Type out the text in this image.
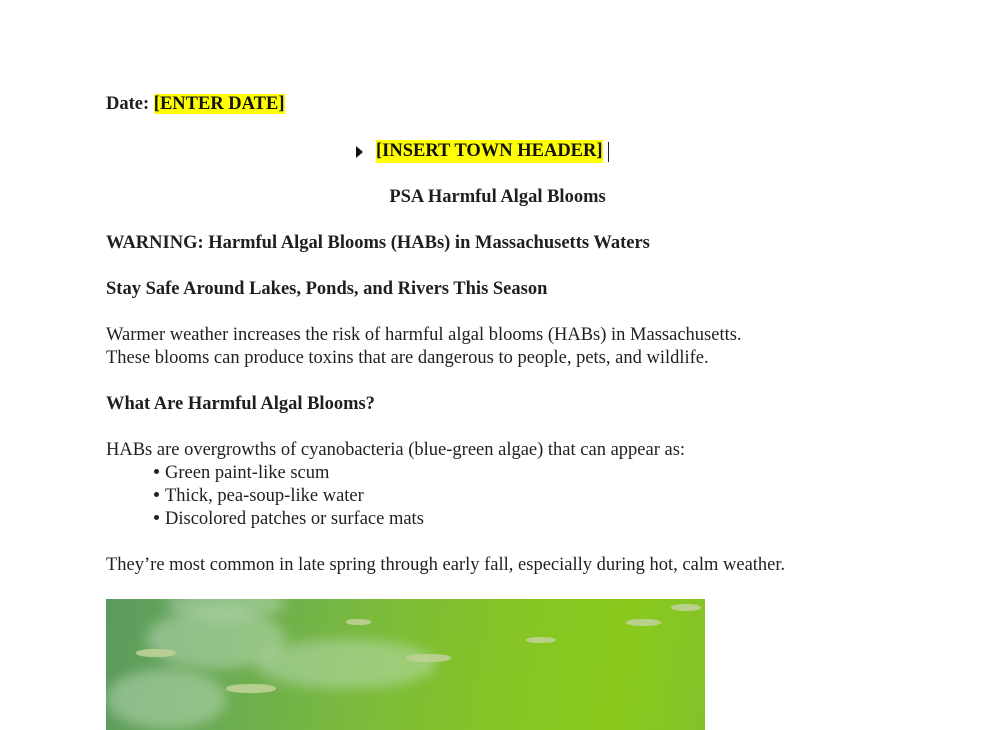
Date: [ENTER DATE]
[INSERT TOWN HEADER]
PSA Harmful Algal Blooms
WARNING: Harmful Algal Blooms (HABs) in Massachusetts Waters
Stay Safe Around Lakes, Ponds, and Rivers This Season
Warmer weather increases the risk of harmful algal blooms (HABs) in Massachusetts.
These blooms can produce toxins that are dangerous to people, pets, and wildlife.
What Are Harmful Algal Blooms?
HABs are overgrowths of cyanobacteria (blue-green algae) that can appear as:
Green paint-like scum
Thick, pea-soup-like water
Discolored patches or surface mats
They’re most common in late spring through early fall, especially during hot, calm weather.
